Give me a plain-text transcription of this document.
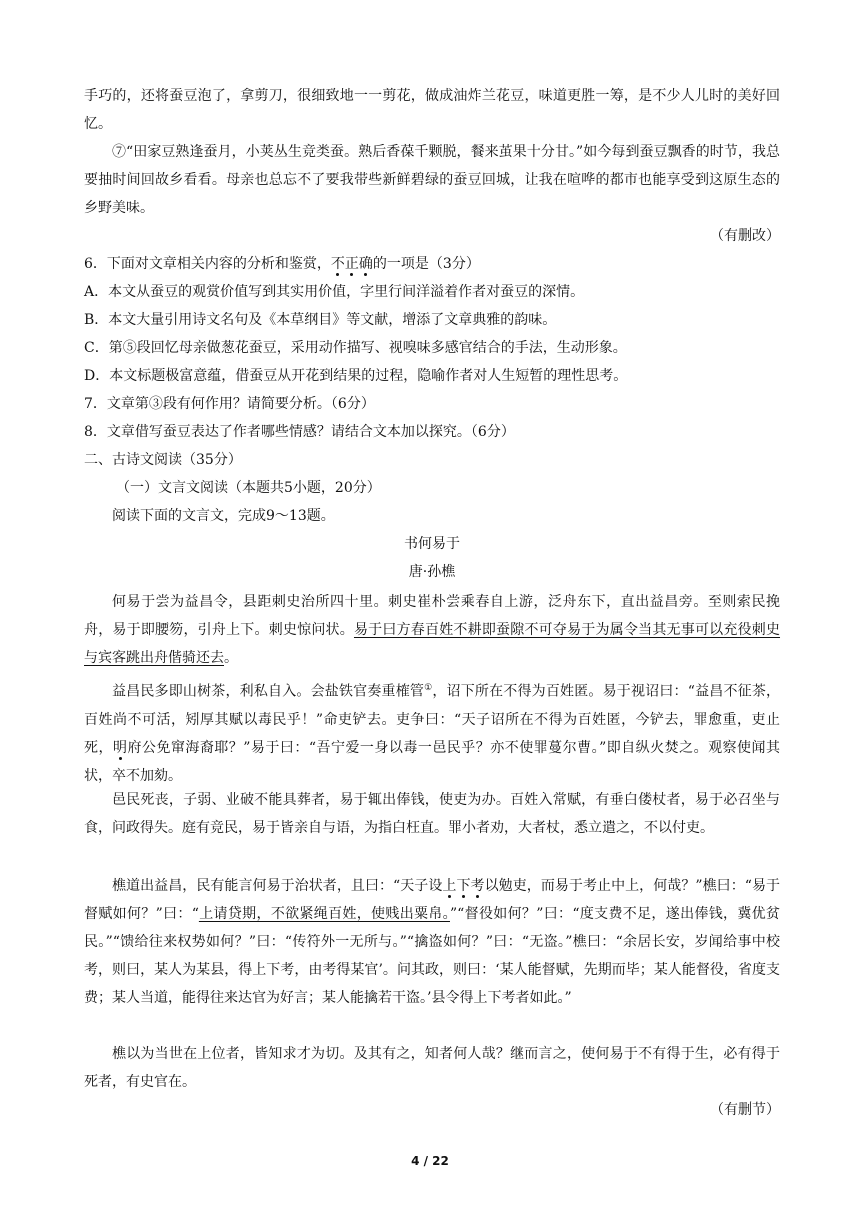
手巧的，还将蚕豆泡了，拿剪刀，很细致地一一剪花，做成油炸兰花豆，味道更胜一筹，是不少人儿时的美好回忆。

⑦“田家豆熟逢蚕月，小荚丛生竞类蚕。熟后香葆千颗脱，餐来茧果十分甘。”如今每到蚕豆飘香的时节，我总要抽时间回故乡看看。母亲也总忘不了要我带些新鲜碧绿的蚕豆回城，让我在喧哗的都市也能享受到这原生态的乡野美味。

（有删改）

6．下面对文章相关内容的分析和鉴赏，不正确的一项是（3分）

A．本文从蚕豆的观赏价值写到其实用价值，字里行间洋溢着作者对蚕豆的深情。

B．本文大量引用诗文名句及《本草纲目》等文献，增添了文章典雅的韵味。

C．第⑤段回忆母亲做葱花蚕豆，采用动作描写、视嗅味多感官结合的手法，生动形象。

D．本文标题极富意蕴，借蚕豆从开花到结果的过程，隐喻作者对人生短暂的理性思考。

7．文章第③段有何作用？请简要分析。（6分）

8．文章借写蚕豆表达了作者哪些情感？请结合文本加以探究。（6分）

二、古诗文阅读（35分）

（一）文言文阅读（本题共5小题，20分）

阅读下面的文言文，完成9～13题。

书何易于

唐·孙樵

何易于尝为益昌令，县距刺史治所四十里。刺史崔朴尝乘春自上游，泛舟东下，直出益昌旁。至则索民挽舟，易于即腰笏，引舟上下。刺史惊问状。易于曰方春百姓不耕即蚕隙不可夺易于为属令当其无事可以充役刺史与宾客跳出舟偕骑还去。

益昌民多即山树茶，利私自入。会盐铁官奏重榷管①，诏下所在不得为百姓匿。易于视诏曰：“益昌不征茶，百姓尚不可活，矧厚其赋以毒民乎！”命吏铲去。吏争曰：“天子诏所在不得为百姓匿，今铲去，罪愈重，吏止死，明府公免窜海裔耶？”易于曰：“吾宁爱一身以毒一邑民乎？亦不使罪蔓尔曹。”即自纵火焚之。观察使闻其状，卒不加劾。

邑民死丧，子弱、业破不能具葬者，易于辄出俸钱，使吏为办。百姓入常赋，有垂白偻杖者，易于必召坐与食，问政得失。庭有竞民，易于皆亲自与语，为指白枉直。罪小者劝，大者杖，悉立遣之，不以付吏。

樵道出益昌，民有能言何易于治状者，且曰：“天子设上下考以勉吏，而易于考止中上，何哉？”樵曰：“易于督赋如何？”曰：“上请贷期，不欲紧绳百姓，使贱出粟帛。”“督役如何？”曰：“度支费不足，遂出俸钱，冀优贫民。”“馈给往来权势如何？”曰：“传符外一无所与。”“擒盗如何？”曰：“无盗。”樵曰：“余居长安，岁闻给事中校考，则曰，某人为某县，得上下考，由考得某官’。问其政，则曰：‘某人能督赋，先期而毕；某人能督役，省度支费；某人当道，能得往来达官为好言；某人能擒若干盗。’县令得上下考者如此。”

樵以为当世在上位者，皆知求才为切。及其有之，知者何人哉？继而言之，使何易于不有得于生，必有得于死者，有史官在。

（有删节）

4 / 22
